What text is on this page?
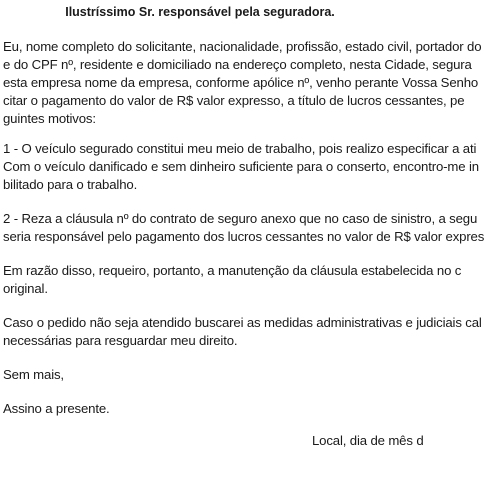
Ilustríssimo Sr. responsável pela seguradora.
Eu, nome completo do solicitante, nacionalidade, profissão, estado civil, portador do
e do CPF nº, residente e domiciliado na endereço completo, nesta Cidade, segura
esta empresa nome da empresa, conforme apólice nº, venho perante Vossa Senho
citar o pagamento do valor de R$ valor expresso, a título de lucros cessantes, pe
guintes motivos:
1 - O veículo segurado constitui meu meio de trabalho, pois realizo especificar a ati
Com o veículo danificado e sem dinheiro suficiente para o conserto, encontro-me in
bilitado para o trabalho.
2 - Reza a cláusula nº do contrato de seguro anexo que no caso de sinistro, a segu
seria responsável pelo pagamento dos lucros cessantes no valor de R$ valor expres
Em razão disso, requeiro, portanto, a manutenção da cláusula estabelecida no c
original.
Caso o pedido não seja atendido buscarei as medidas administrativas e judiciais cal
necessárias para resguardar meu direito.
Sem mais,
Assino a presente.
Local, dia de mês d
